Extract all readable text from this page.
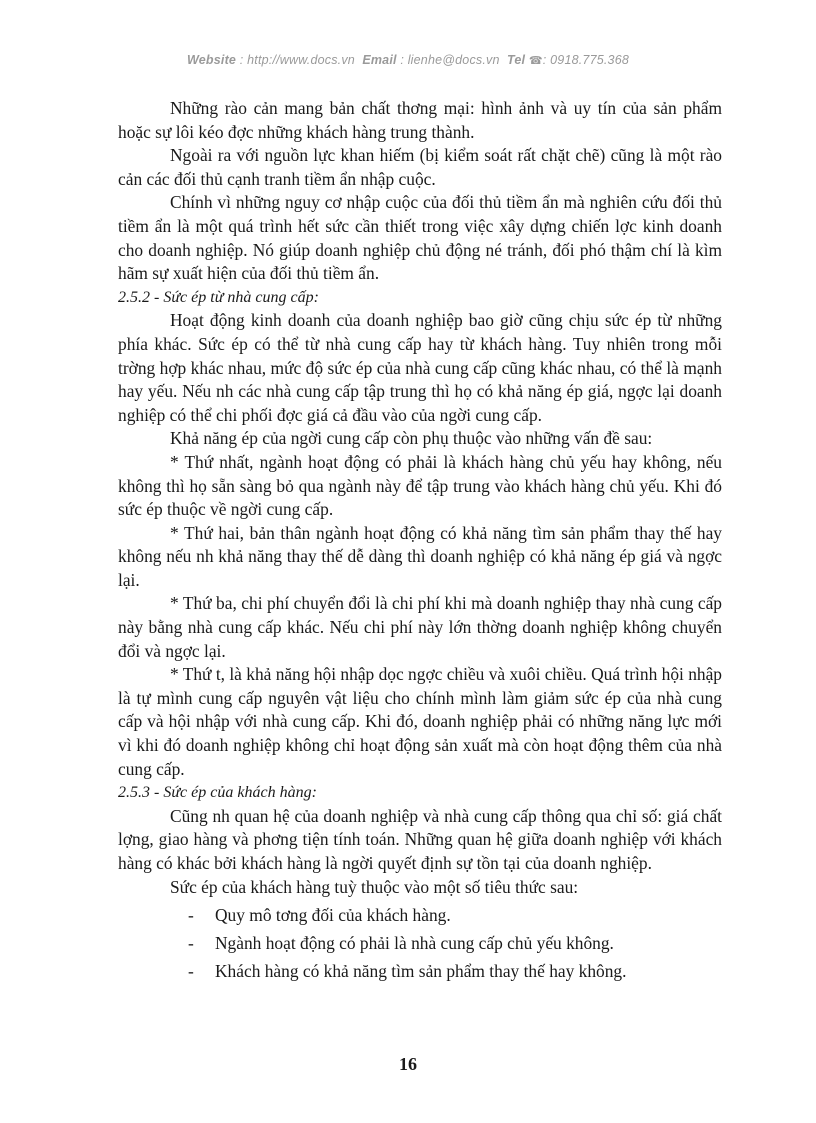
Website : http://www.docs.vn Email : lienhe@docs.vn Tel ☎: 0918.775.368

Những rào cản mang bản chất thơng mại: hình ảnh và uy tín của sản phẩm hoặc sự lôi kéo đợc những khách hàng trung thành.

Ngoài ra với nguồn lực khan hiếm (bị kiểm soát rất chặt chẽ) cũng là một rào cản các đối thủ cạnh tranh tiềm ẩn nhập cuộc.

Chính vì những nguy cơ nhập cuộc của đối thủ tiềm ẩn mà nghiên cứu đối thủ tiềm ẩn là một quá trình hết sức cần thiết trong việc xây dựng chiến lợc kinh doanh cho doanh nghiệp. Nó giúp doanh nghiệp chủ động né tránh, đối phó thậm chí là kìm hãm sự xuất hiện của đối thủ tiềm ẩn.

2.5.2 - Sức ép từ nhà cung cấp:

Hoạt động kinh doanh của doanh nghiệp bao giờ cũng chịu sức ép từ những phía khác. Sức ép có thể từ nhà cung cấp hay từ khách hàng. Tuy nhiên trong mỗi trờng hợp khác nhau, mức độ sức ép của nhà cung cấp cũng khác nhau, có thể là mạnh hay yếu. Nếu nh các nhà cung cấp tập trung thì họ có khả năng ép giá, ngợc lại doanh nghiệp có thể chi phối đợc giá cả đầu vào của ngời cung cấp.

Khả năng ép của ngời cung cấp còn phụ thuộc vào những vấn đề sau:

* Thứ nhất, ngành hoạt động có phải là khách hàng chủ yếu hay không, nếu không thì họ sẵn sàng bỏ qua ngành này để tập trung vào khách hàng chủ yếu. Khi đó sức ép thuộc về ngời cung cấp.

* Thứ hai, bản thân ngành hoạt động có khả năng tìm sản phẩm thay thế hay không nếu nh khả năng thay thế dễ dàng thì doanh nghiệp có khả năng ép giá và ngợc lại.

* Thứ ba, chi phí chuyển đổi là chi phí khi mà doanh nghiệp thay nhà cung cấp này bằng nhà cung cấp khác. Nếu chi phí này lớn thờng doanh nghiệp không chuyển đổi và ngợc lại.

* Thứ t, là khả năng hội nhập dọc ngợc chiều và xuôi chiều. Quá trình hội nhập là tự mình cung cấp nguyên vật liệu cho chính mình làm giảm sức ép của nhà cung cấp và hội nhập với nhà cung cấp. Khi đó, doanh nghiệp phải có những năng lực mới vì khi đó doanh nghiệp không chỉ hoạt động sản xuất mà còn hoạt động thêm của nhà cung cấp.

2.5.3 - Sức ép của khách hàng:

Cũng nh quan hệ của doanh nghiệp và nhà cung cấp thông qua chỉ số: giá chất lợng, giao hàng và phơng tiện tính toán. Những quan hệ giữa doanh nghiệp với khách hàng có khác bởi khách hàng là ngời quyết định sự tồn tại của doanh nghiệp.

Sức ép của khách hàng tuỳ thuộc vào một số tiêu thức sau:

- Quy mô tơng đối của khách hàng.
- Ngành hoạt động có phải là nhà cung cấp chủ yếu không.
- Khách hàng có khả năng tìm sản phẩm thay thế hay không.
16
